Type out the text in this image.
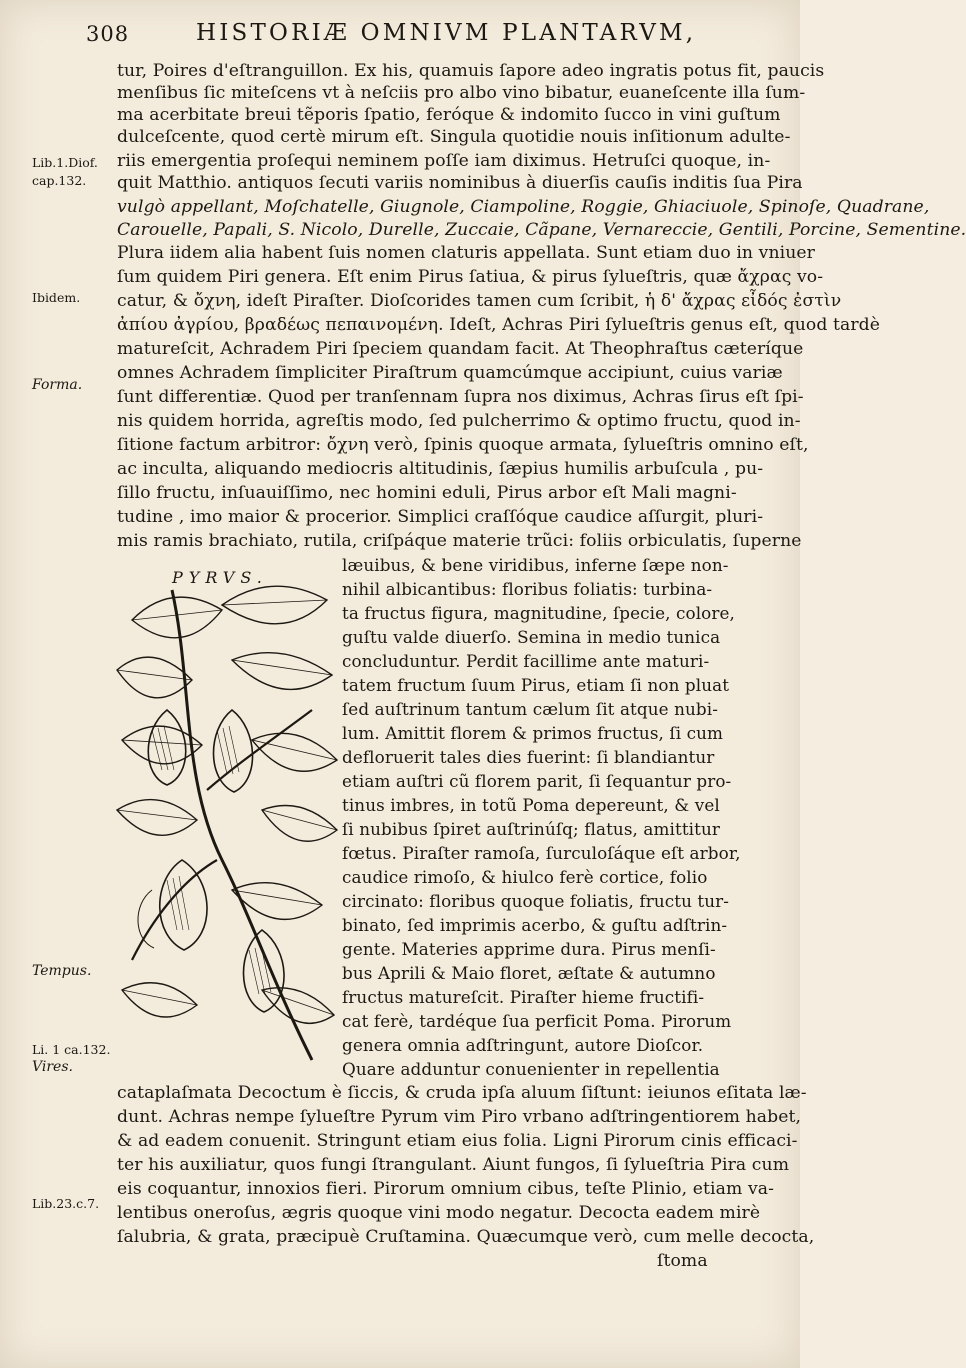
308	HISTORIÆ OMNIVM PLANTARVM,
Lib.1.Diof.
cap.132.
Ibidem.
Forma.
Tempus.
Li. 1 ca.132.
Vires.
Lib.23.c.7.
tur, Poires d'eſtranguillon. Ex his, quamuis ſapore adeo ingratis potus fit, paucis
menſibus ſic miteſcens vt à neſciis pro albo vino bibatur, euaneſcente illa ſum-
ma acerbitate breui tẽporis ſpatio, feróque & indomito ſucco in vini guſtum
dulceſcente, quod certè mirum eſt. Singula quotidie nouis inſitionum adulte-
riis emergentia proſequi neminem poſſe iam diximus. Hetruſci quoque, in-
quit Matthio. antiquos ſecuti variis nominibus à diuerſis cauſis inditis ſua Pira
vulgò appellant, Moſchatelle, Giugnole, Ciampoline, Roggie, Ghiaciuole, Spinoſe, Quadrane,
Carouelle, Papali, S. Nicolo, Durelle, Zuccaie, Cãpane, Vernareccie, Gentili, Porcine, Sementine.
Plura iidem alia habent ſuis nomen claturis appellata. Sunt etiam duo in vniuer
ſum quidem Piri genera. Eſt enim Pirus ſatiua, & pirus ſylueſtris, quæ ἄχρας vo-
catur, & ὄχνη, ideſt Piraſter. Dioſcorides tamen cum ſcribit, ἡ δ' ἄχρας εἶδός ἐστὶν
ἀπίου ἀγρίου, βραδέως πεπαινομένη. Ideſt, Achras Piri ſylueſtris genus eſt, quod tardè
matureſcit, Achradem Piri ſpeciem quandam facit. At Theophraſtus cæteríque
omnes Achradem ſimpliciter Piraſtrum quamcúmque accipiunt, cuius variæ
ſunt differentiæ. Quod per tranſennam ſupra nos diximus, Achras ſirus eſt ſpi-
nis quidem horrida, agreſtis modo, ſed pulcherrimo & optimo fructu, quod in-
ſitione factum arbitror: ὄχνη verò, ſpinis quoque armata, ſylueſtris omnino eſt,
ac inculta, aliquando mediocris altitudinis, ſæpius humilis arbuſcula , pu-
ſillo fructu, inſuauiſſimo, nec homini eduli, Pirus arbor eſt Mali magni-
tudine , imo maior & procerior. Simplici craſſóque caudice aſſurgit, pluri-
mis ramis brachiato, rutila, criſpáque materie trũci: foliis orbiculatis, ſuperne
læuibus, & bene viridibus, inferne ſæpe non-
nihil albicantibus: floribus foliatis: turbina-
ta fructus figura, magnitudine, ſpecie, colore,
guſtu valde diuerſo. Semina in medio tunica
concluduntur. Perdit facillime ante maturi-
tatem fructum ſuum Pirus, etiam ſi non pluat
ſed auſtrinum tantum cælum ſit atque nubi-
lum. Amittit florem & primos fructus, ſi cum
defloruerit tales dies fuerint: ſi blandiantur
etiam auſtri cũ florem parit, ſi ſequantur pro-
tinus imbres, in totũ Poma depereunt, & vel
ſi nubibus ſpiret auſtrinúſq; flatus, amittitur
fœtus. Piraſter ramoſa, ſurculoſáque eſt arbor,
caudice rimoſo, & hiulco ferè cortice, folio
circinato: floribus quoque foliatis, fructu tur-
binato, ſed imprimis acerbo, & guſtu adſtrin-
gente. Materies apprime dura. Pirus menſi-
bus Aprili & Maio floret, æſtate & autumno
fructus matureſcit. Piraſter hieme fructifi-
cat ferè, tardéque ſua perficit Poma. Pirorum
genera omnia adſtringunt, autore Dioſcor.
Quare adduntur conuenienter in repellentia
cataplaſmata Decoctum è ſiccis, & cruda ipſa aluum ſiſtunt: ieiunos eſitata læ-
dunt. Achras nempe ſylueſtre Pyrum vim Piro vrbano adſtringentiorem habet,
& ad eadem conuenit. Stringunt etiam eius folia. Ligni Pirorum cinis efficaci-
ter his auxiliatur, quos fungi ſtrangulant. Aiunt fungos, ſi ſylueſtria Pira cum
eis coquantur, innoxios fieri. Pirorum omnium cibus, teſte Plinio, etiam va-
lentibus oneroſus, ægris quoque vini modo negatur. Decocta eadem mirè
ſalubria, & grata, præcipuè Cruſtamina. Quæcumque verò, cum melle decocta,
ſtoma
PYRVS.
